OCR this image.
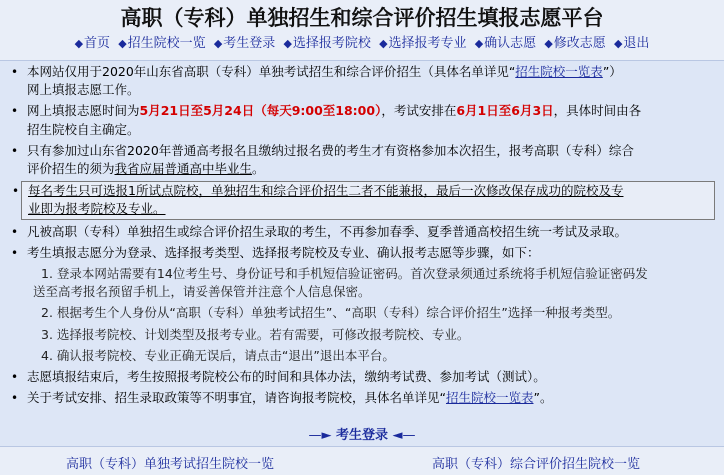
高职（专科）单独招生和综合评价招生填报志愿平台
◆首页 ◆招生院校一览 ◆考生登录 ◆选择报考院校 ◆选择报考专业 ◆确认志愿 ◆修改志愿 ◆退出
• 本网站仅用于2020年山东省高职（专科）单独考试招生和综合评价招生（具体名单详见“招生院校一览表”）
网上填报志愿工作。
• 网上填报志愿时间为5月21日至5月24日（每天9:00至18:00），考试安排在6月1日至6月3日，具体时间由各
招生院校自主确定。
• 只有参加过山东省2020年普通高考报名且缴纳过报名费的考生才有资格参加本次招生，报考高职（专科）综合
评价招生的须为我省应届普通高中毕业生。
• 每名考生只可选报1所试点院校，单独招生和综合评价招生二者不能兼报，最后一次修改保存成功的院校及专
业即为报考院校及专业。
• 凡被高职（专科）单独招生或综合评价招生录取的考生，不再参加春季、夏季普通高校招生统一考试及录取。
• 考生填报志愿分为登录、选择报考类型、选择报考院校及专业、确认报考志愿等步骤，如下：
1. 登录本网站需要有14位考生号、身份证号和手机短信验证密码。首次登录须通过系统将手机短信验证密码发
送至高考报名预留手机上，请妥善保管并注意个人信息保密。
2. 根据考生个人身份从“高职（专科）单独考试招生”、“高职（专科）综合评价招生”选择一种报考类型。
3. 选择报考院校、计划类型及报考专业。若有需要，可修改报考院校、专业。
4. 确认报考院校、专业正确无误后，请点击“退出”退出本平台。
• 志愿填报结束后，考生按照报考院校公布的时间和具体办法，缴纳考试费、参加考试（测试）。
• 关于考试安排、招生录取政策等不明事宜，请咨询报考院校，具体名单详见“招生院校一览表”。
—► 考生登录 ◄—
高职（专科）单独考试招生院校一览	高职（专科）综合评价招生院校一览
